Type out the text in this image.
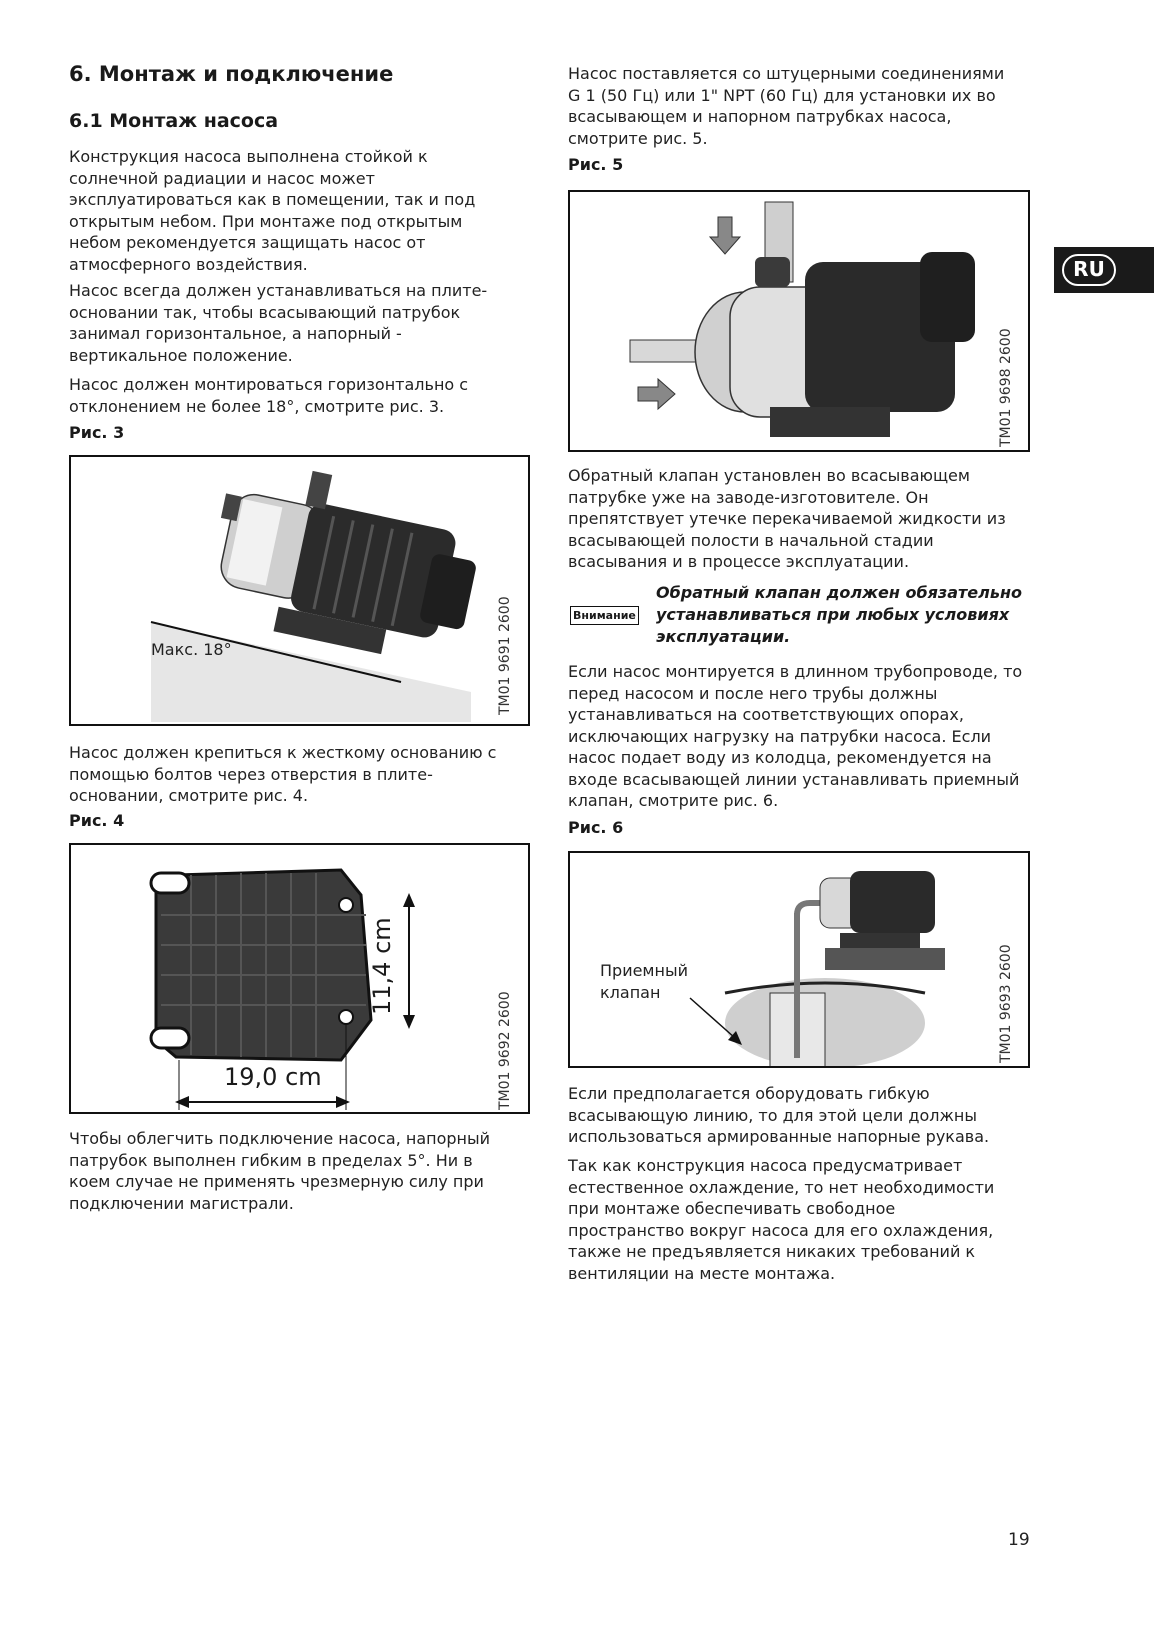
6. Монтаж и подключение
6.1 Монтаж насоса

Конструкция насоса выполнена стойкой к солнечной радиации и насос может эксплуатироваться как в помещении, так и под открытым небом. При монтаже под открытым небом рекомендуется защищать насос от атмосферного воздействия.

Насос всегда должен устанавливаться на плите-основании так, чтобы всасывающий патрубок занимал горизонтальное, а напорный - вертикальное положение.

Насос должен монтироваться горизонтально с отклонением не более 18°, смотрите рис. 3.

Рис. 3

Макс. 18°	TM01 9691 2600

Насос должен крепиться к жесткому основанию с помощью болтов через отверстия в плите-основании, смотрите рис. 4.

Рис. 4

11,4 cm
19,0 cm	TM01 9692 2600

Чтобы облегчить подключение насоса, напорный патрубок выполнен гибким в пределах 5°. Ни в коем случае не применять чрезмерную силу при подключении магистрали.

Насос поставляется со штуцерными соединениями G 1 (50 Гц) или 1" NPT (60 Гц) для установки их во всасывающем и напорном патрубках насоса, смотрите рис. 5.

Рис. 5

TM01 9698 2600

Обратный клапан установлен во всасывающем патрубке уже на заводе-изготовителе. Он препятствует утечке перекачиваемой жидкости из всасывающей полости в начальной стадии всасывания и в процессе эксплуатации.

Внимание
Обратный клапан должен обязательно устанавливаться при любых условиях эксплуатации.

Если насос монтируется в длинном трубопроводе, то перед насосом и после него трубы должны устанавливаться на соответствующих опорах, исключающих нагрузку на патрубки насоса. Если насос подает воду из колодца, рекомендуется на входе всасывающей линии устанавливать приемный клапан, смотрите рис. 6.

Рис. 6

Приемный
клапан	TM01 9693 2600

Если предполагается оборудовать гибкую всасывающую линию, то для этой цели должны использоваться армированные напорные рукава.

Так как конструкция насоса предусматривает естественное охлаждение, то нет необходимости при монтаже обеспечивать свободное пространство вокруг насоса для его охлаждения, также не предъявляется никаких требований к вентиляции на месте монтажа.

RU
19
